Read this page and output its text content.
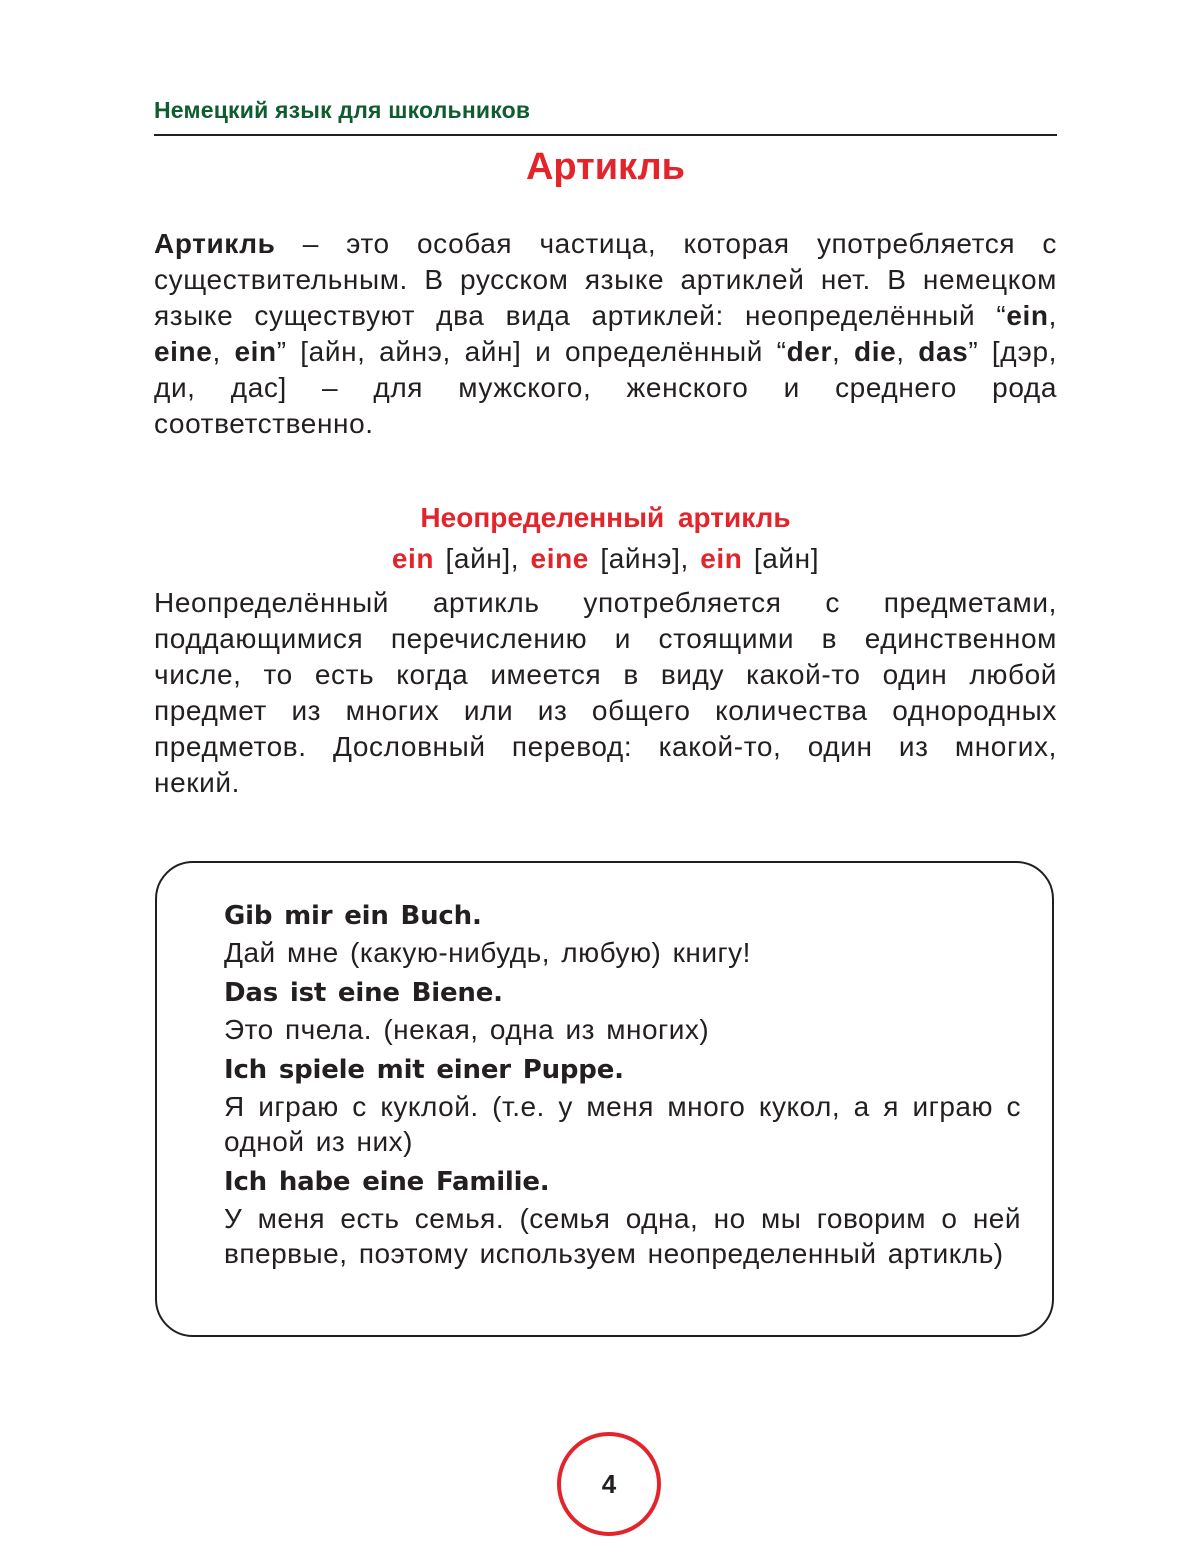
Немецкий язык для школьников
Артикль

Артикль – это особая частица, которая употребляется с существительным. В русском языке артиклей нет. В немецком языке существуют два вида артиклей: неопределённый “ein, eine, ein” [айн, айнэ, айн] и определённый “der, die, das” [дэр, ди, дас] – для мужского, женского и среднего рода соответственно.

Неопределенный артикль
ein [айн], eine [айнэ], ein [айн]

Неопределённый артикль употребляется с предметами, поддающимися перечислению и стоящими в единственном числе, то есть когда имеется в виду какой-то один любой предмет из многих или из общего количества однородных предметов. Дословный перевод: какой-то, один из многих, некий.

Gib mir ein Buch.
Дай мне (какую-нибудь, любую) книгу!
Das ist eine Biene.
Это пчела. (некая, одна из многих)
Ich spiele mit einer Puppe.
Я играю с куклой. (т.е. у меня много кукол, а я играю с одной из них)
Ich habe eine Familie.
У меня есть семья. (семья одна, но мы говорим о ней впервые, поэтому используем неопределенный артикль)
4
